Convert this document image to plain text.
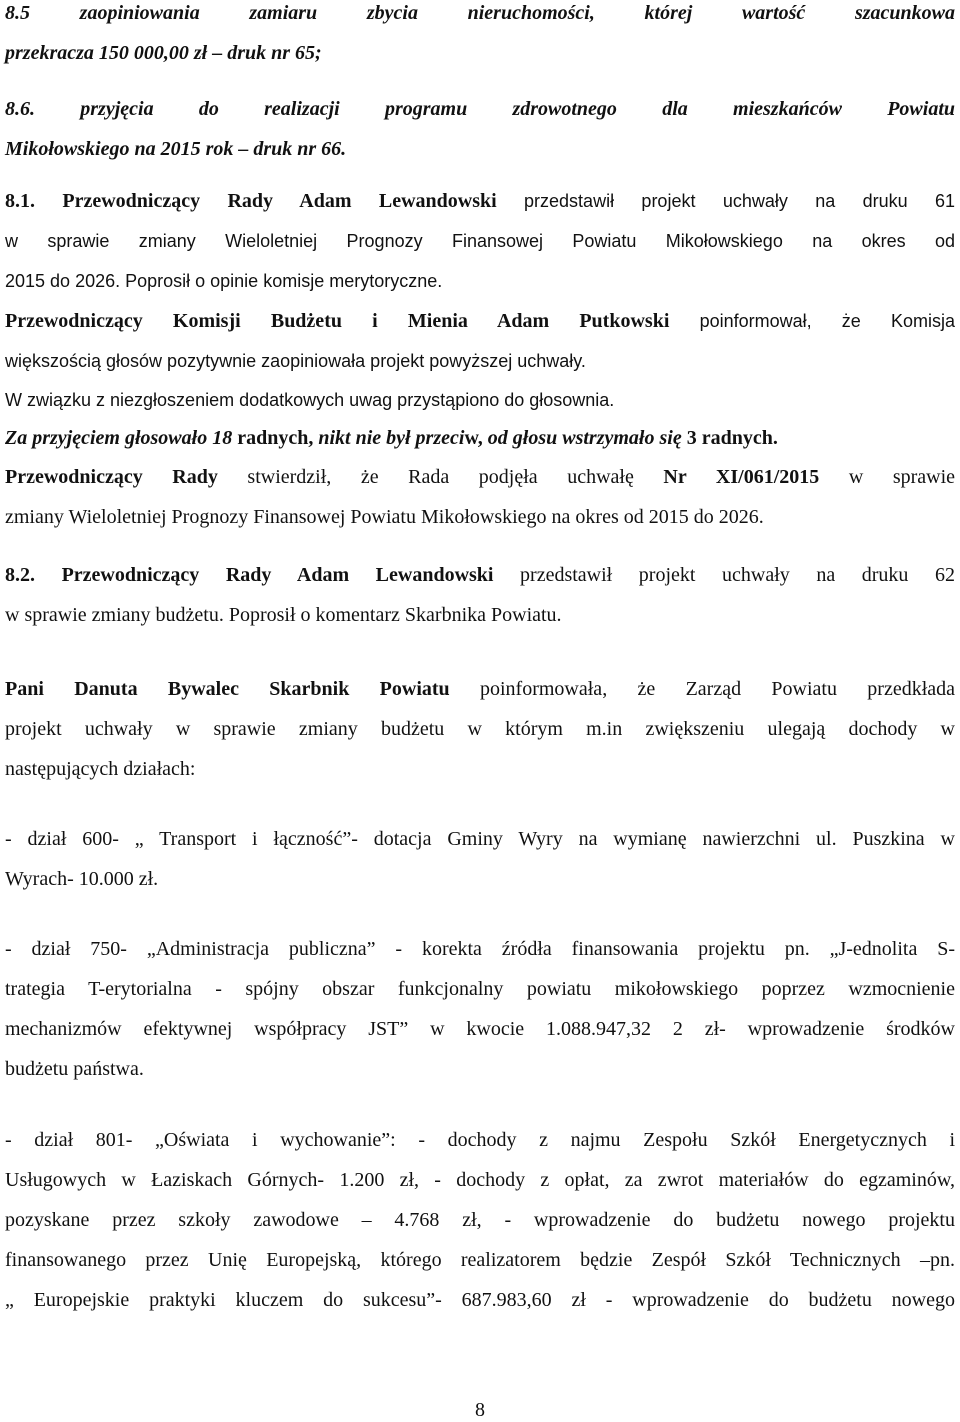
8.5 zaopiniowania zamiaru zbycia nieruchomości, której wartość szacunkowa
przekracza 150 000,00 zł – druk nr 65;
8.6. przyjęcia do realizacji programu zdrowotnego dla mieszkańców Powiatu
Mikołowskiego na 2015 rok – druk nr 66.
8.1. Przewodniczący Rady Adam Lewandowski przedstawił projekt uchwały na druku 61
w sprawie zmiany Wieloletniej Prognozy Finansowej Powiatu Mikołowskiego na okres od
2015 do 2026. Poprosił o opinie komisje merytoryczne.
Przewodniczący Komisji Budżetu i Mienia Adam Putkowski poinformował, że Komisja
większością głosów pozytywnie zaopiniowała projekt powyższej uchwały.
W związku z niezgłoszeniem dodatkowych uwag przystąpiono do głosownia.
Za przyjęciem głosowało 18 radnych, nikt nie był przeciw, od głosu wstrzymało się 3 radnych.
Przewodniczący Rady stwierdził, że Rada podjęła uchwałę Nr XI/061/2015 w sprawie
zmiany Wieloletniej Prognozy Finansowej Powiatu Mikołowskiego na okres od 2015 do 2026.
8.2. Przewodniczący Rady Adam Lewandowski przedstawił projekt uchwały na druku 62
w sprawie zmiany budżetu. Poprosił o komentarz Skarbnika Powiatu.
Pani Danuta Bywalec Skarbnik Powiatu poinformowała, że Zarząd Powiatu przedkłada
projekt uchwały w sprawie zmiany budżetu w którym m.in zwiększeniu ulegają dochody w
następujących działach:
- dział 600- „ Transport i łączność”- dotacja Gminy Wyry na wymianę nawierzchni ul. Puszkina w
Wyrach- 10.000 zł.
- dział 750- „Administracja publiczna” - korekta źródła finansowania projektu pn. „J-ednolita S-
trategia T-erytorialna - spójny obszar funkcjonalny powiatu mikołowskiego poprzez wzmocnienie
mechanizmów efektywnej współpracy JST” w kwocie 1.088.947,32 2 zł- wprowadzenie środków
budżetu państwa.
- dział 801- „Oświata i wychowanie”: - dochody z najmu Zespołu Szkół Energetycznych i
Usługowych w Łaziskach Górnych- 1.200 zł, - dochody z opłat, za zwrot materiałów do egzaminów,
pozyskane przez szkoły zawodowe – 4.768 zł, - wprowadzenie do budżetu nowego projektu
finansowanego przez Unię Europejską, którego realizatorem będzie Zespół Szkół Technicznych –pn.
„ Europejskie praktyki kluczem do sukcesu”- 687.983,60 zł - wprowadzenie do budżetu nowego
8
